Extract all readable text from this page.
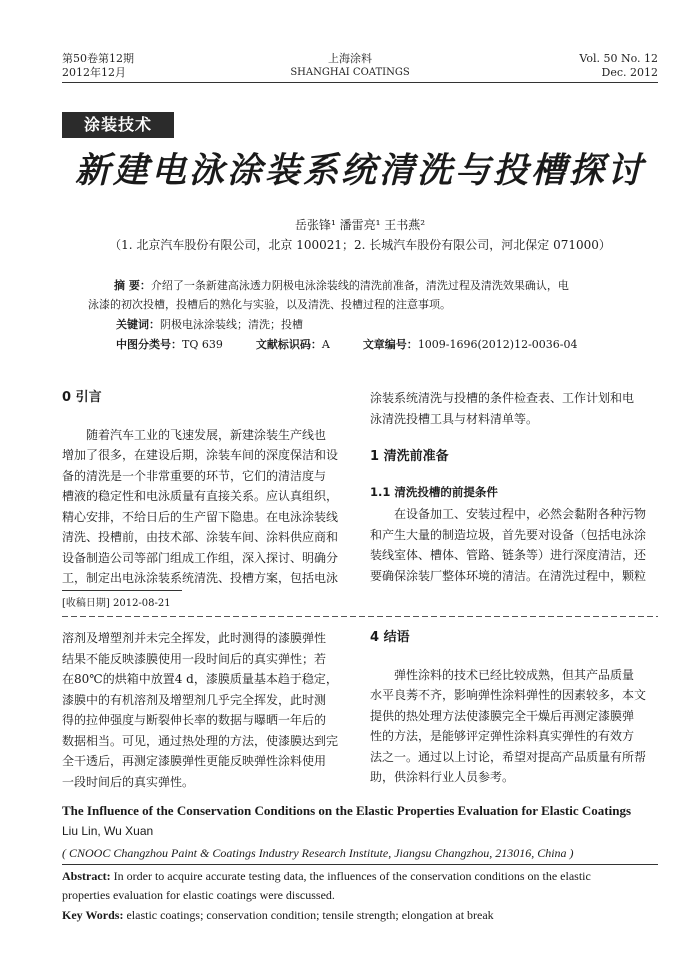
第50卷第12期
2012年12月
上海涂料
SHANGHAI COATINGS
Vol. 50 No. 12
Dec. 2012
涂装技术
新建电泳涂装系统清洗与投槽探讨
岳张锋¹ 潘雷亮¹ 王书燕²
（1. 北京汽车股份有限公司，北京 100021；2. 长城汽车股份有限公司，河北保定 071000）
摘 要：介绍了一条新建高泳透力阴极电泳涂装线的清洗前准备，清洗过程及清洗效果确认，电
泳漆的初次投槽，投槽后的熟化与实验，以及清洗、投槽过程的注意事项。
关键词：阴极电泳涂装线；清洗；投槽
中图分类号：TQ 639	文献标识码：A	文章编号：1009-1696(2012)12-0036-04
0 引言
随着汽车工业的飞速发展，新建涂装生产线也
增加了很多，在建设后期，涂装车间的深度保洁和设
备的清洗是一个非常重要的环节，它们的清洁度与
槽液的稳定性和电泳质量有直接关系。应认真组织，
精心安排，不给日后的生产留下隐患。在电泳涂装线
清洗、投槽前，由技术部、涂装车间、涂料供应商和
设备制造公司等部门组成工作组，深入探讨、明确分
工，制定出电泳涂装系统清洗、投槽方案，包括电泳
[收稿日期] 2012-08-21
涂装系统清洗与投槽的条件检查表、工作计划和电
泳清洗投槽工具与材料清单等。
1 清洗前准备
1.1 清洗投槽的前提条件
在设备加工、安装过程中，必然会黏附各种污物
和产生大量的制造垃圾，首先要对设备（包括电泳涂
装线室体、槽体、管路、链条等）进行深度清洁，还
要确保涂装厂整体环境的清洁。在清洗过程中，颗粒
溶剂及增塑剂并未完全挥发，此时测得的漆膜弹性
结果不能反映漆膜使用一段时间后的真实弹性；若
在80℃的烘箱中放置4 d，漆膜质量基本趋于稳定，
漆膜中的有机溶剂及增塑剂几乎完全挥发，此时测
得的拉伸强度与断裂伸长率的数据与曝晒一年后的
数据相当。可见，通过热处理的方法，使漆膜达到完
全干透后，再测定漆膜弹性更能反映弹性涂料使用
一段时间后的真实弹性。
4 结语
弹性涂料的技术已经比较成熟，但其产品质量
水平良莠不齐，影响弹性涂料弹性的因素较多，本文
提供的热处理方法使漆膜完全干燥后再测定漆膜弹
性的方法，是能够评定弹性涂料真实弹性的有效方
法之一。通过以上讨论，希望对提高产品质量有所帮
助，供涂料行业人员参考。
The Influence of the Conservation Conditions on the Elastic Properties Evaluation for Elastic Coatings
Liu Lin, Wu Xuan
( CNOOC Changzhou Paint & Coatings Industry Research Institute, Jiangsu Changzhou, 213016, China )
Abstract: In order to acquire accurate testing data, the influences of the conservation conditions on the elastic
properties evaluation for elastic coatings were discussed.
Key Words: elastic coatings; conservation condition; tensile strength; elongation at break
